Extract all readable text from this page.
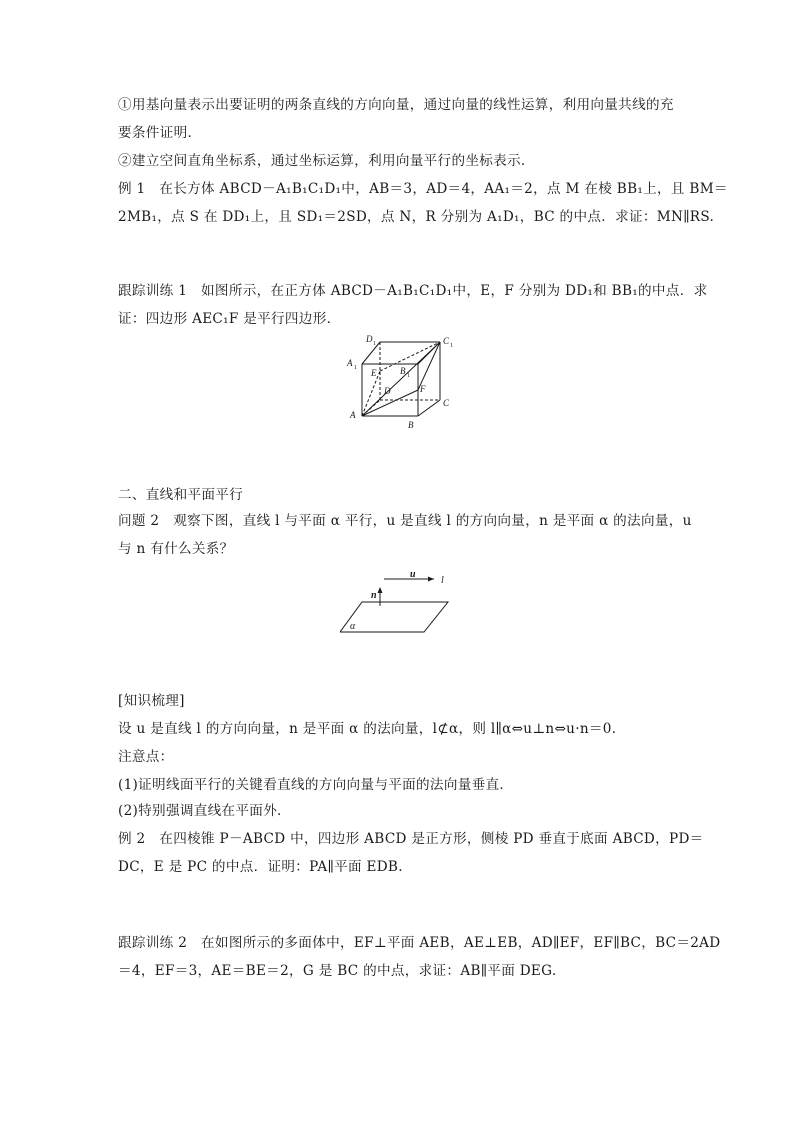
①用基向量表示出要证明的两条直线的方向向量，通过向量的线性运算，利用向量共线的充
要条件证明．
②建立空间直角坐标系，通过坐标运算，利用向量平行的坐标表示．
例 1　在长方体 ABCD－A₁B₁C₁D₁中，AB＝3，AD＝4，AA₁＝2，点 M 在棱 BB₁上，且 BM＝
2MB₁，点 S 在 DD₁上，且 SD₁＝2SD，点 N，R 分别为 A₁D₁，BC 的中点．求证：MN∥RS.
跟踪训练 1　如图所示，在正方体 ABCD－A₁B₁C₁D₁中，E，F 分别为 DD₁和 BB₁的中点．求
证：四边形 AEC₁F 是平行四边形．
D 1
A 1
C 1
B 1
E
D	F
A
C
B
二、直线和平面平行
问题 2　观察下图，直线 l 与平面 α 平行，u 是直线 l 的方向向量，n 是平面 α 的法向量，u
与 n 有什么关系？
u
l
n
α
[知识梳理]
设 u 是直线 l 的方向向量，n 是平面 α 的法向量，l⊄α，则 l∥α⇔u⊥n⇔u·n＝0.
注意点：
(1)证明线面平行的关键看直线的方向向量与平面的法向量垂直．
(2)特别强调直线在平面外．
例 2　在四棱锥 P－ABCD 中，四边形 ABCD 是正方形，侧棱 PD 垂直于底面 ABCD，PD＝
DC，E 是 PC 的中点．证明：PA∥平面 EDB.
跟踪训练 2　在如图所示的多面体中，EF⊥平面 AEB，AE⊥EB，AD∥EF，EF∥BC，BC＝2AD
＝4，EF＝3，AE＝BE＝2，G 是 BC 的中点，求证：AB∥平面 DEG.
